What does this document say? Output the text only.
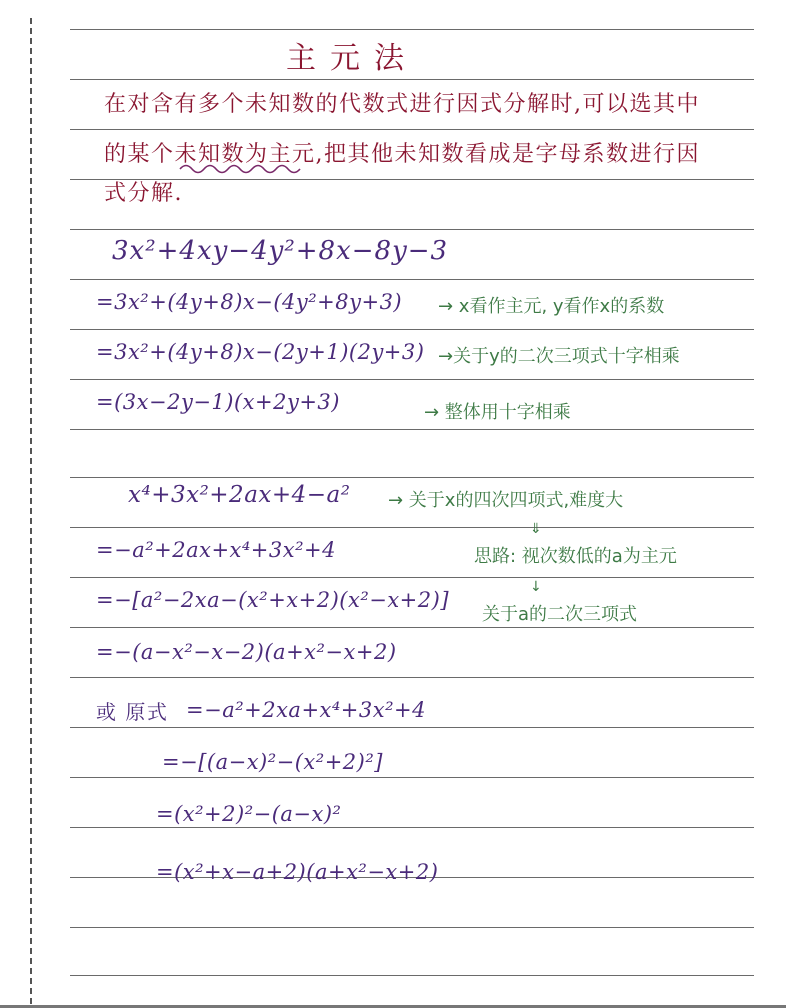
主元法
在对含有多个未知数的代数式进行因式分解时,可以选其中
的某个未知数为主元,把其他未知数看成是字母系数进行因
式分解.
3x²+4xy−4y²+8x−8y−3
=3x²+(4y+8)x−(4y²+8y+3)
=3x²+(4y+8)x−(2y+1)(2y+3)
=(3x−2y−1)(x+2y+3)
→ x看作主元, y看作x的系数
→关于y的二次三项式十字相乘
→ 整体用十字相乘
x⁴+3x²+2ax+4−a²
=−a²+2ax+x⁴+3x²+4
=−[a²−2xa−(x²+x+2)(x²−x+2)]
=−(a−x²−x−2)(a+x²−x+2)
→ 关于x的四次四项式,难度大
⇓
思路: 视次数低的a为主元
↓
关于a的二次三项式
或 原式 =−a²+2xa+x⁴+3x²+4
=−[(a−x)²−(x²+2)²]
=(x²+2)²−(a−x)²
=(x²+x−a+2)(a+x²−x+2)
